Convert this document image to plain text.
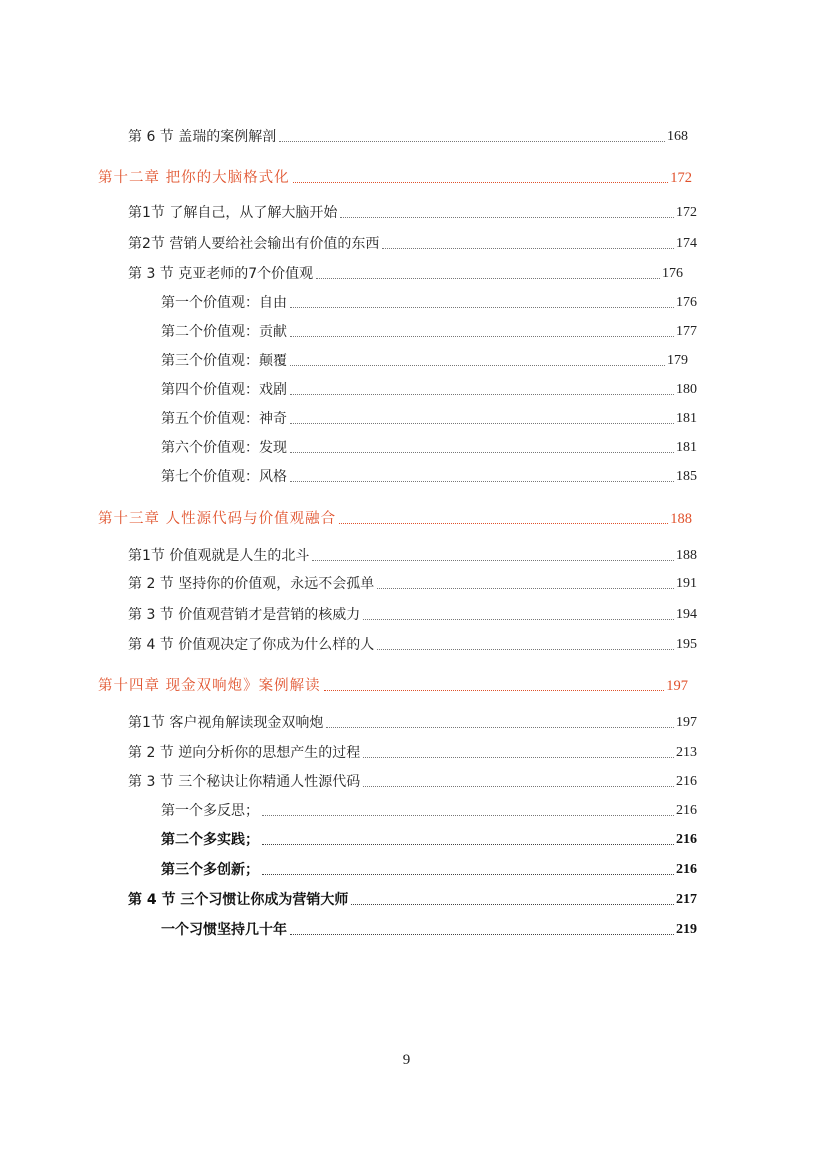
第 6 节 盖瑞的案例解剖	168
第十二章 把你的大脑格式化	172
第1节 了解自己，从了解大脑开始	172
第2节 营销人要给社会输出有价值的东西	174
第 3 节 克亚老师的7个价值观	176
第一个价值观：自由	176
第二个价值观：贡献	177
第三个价值观：颠覆	179
第四个价值观：戏剧	180
第五个价值观：神奇	181
第六个价值观：发现	181
第七个价值观：风格	185
第十三章 人性源代码与价值观融合	188
第1节 价值观就是人生的北斗	188
第 2 节 坚持你的价值观，永远不会孤单	191
第 3 节 价值观营销才是营销的核威力	194
第 4 节 价值观决定了你成为什么样的人	195
第十四章 现金双响炮》案例解读	197
第1节 客户视角解读现金双响炮	197
第 2 节 逆向分析你的思想产生的过程	213
第 3 节 三个秘诀让你精通人性源代码	216
第一个多反思；	216
第二个多实践；	216
第三个多创新；	216
第 4 节 三个习惯让你成为营销大师	217
一个习惯坚持几十年	219
9
